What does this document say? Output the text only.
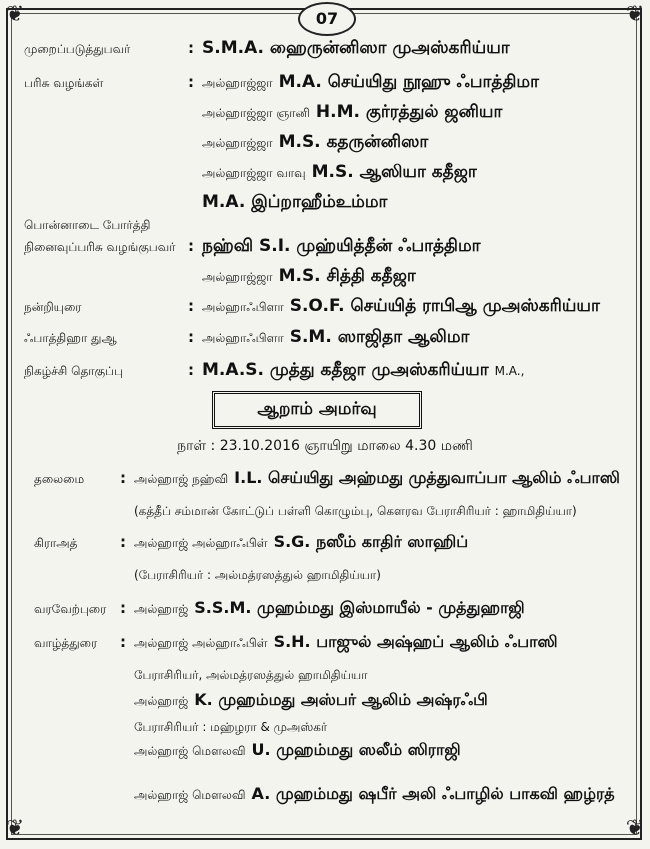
❦	❦
❦	❦
07
முறைப்படுத்துபவர்	: S.M.A. ஹைருன்னிஸா முஅஸ்கரிய்யா
பரிசு வழங்கள்	: அல்ஹாஜ்ஜா M.A. செய்யிது நூஹு ஃபாத்திமா
அல்ஹாஜ்ஜா ஞானி H.M. குர்ரத்துல் ஜனியா
அல்ஹாஜ்ஜா M.S. கதருன்னிஸா
அல்ஹாஜ்ஜா வாவு M.S. ஆஸியா கதீஜா
M.A. இப்றாஹீம்உம்மா
பொன்னாடை போர்த்தி
நினைவுப்பரிசு வழங்குபவர் : நஹ்வி S.I. முஹ்யித்தீன் ஃபாத்திமா
அல்ஹாஜ்ஜா M.S. சித்தி கதீஜா
நன்றியுரை	: அல்ஹாஃபிளா S.O.F. செய்யித் ராபிஆ முஅஸ்கரிய்யா
ஃபாத்திஹா துஆ	: அல்ஹாஃபிளா S.M. ஸாஜிதா ஆலிமா
நிகழ்ச்சி தொகுப்பு	: M.A.S. முத்து கதீஜா முஅஸ்கரிய்யா M.A.,
ஆறாம் அமர்வு
நாள் : 23.10.2016 ஞாயிறு மாலை 4.30 மணி
தலைமை : அல்ஹாஜ் நஹ்வி I.L. செய்யிது அஹ்மது முத்துவாப்பா ஆலிம் ஃபாஸி
(கத்தீப் சம்மான் கோட்டுப் பள்ளி கொழும்பு, கௌரவ பேராசிரியர் : ஹாமிதிய்யா)
கிராஅத்	: அல்ஹாஜ் அல்ஹாஃபிள் S.G. நஸீம் காதிர் ஸாஹிப்
(பேராசிரியர் : அல்மத்ரஸத்துல் ஹாமிதிய்யா)
வரவேற்புரை : அல்ஹாஜ் S.S.M. முஹம்மது இஸ்மாயீல் - முத்துஹாஜி
வாழ்த்துரை : அல்ஹாஜ் அல்ஹாஃபிள் S.H. பாஜுல் அஷ்ஹப் ஆலிம் ஃபாஸி
பேராசிரியர், அல்மத்ரஸத்துல் ஹாமிதிய்யா
அல்ஹாஜ் K. முஹம்மது அஸ்பர் ஆலிம் அஷ்ரஃபி
பேராசிரியர் : மஹ்ழரா & முஅஸ்கர்
அல்ஹாஜ் மௌலவி U. முஹம்மது ஸலீம் ஸிராஜி
அல்ஹாஜ் மௌலவி A. முஹம்மது ஷபீர் அலி ஃபாழில் பாகவி ஹழ்ரத்
